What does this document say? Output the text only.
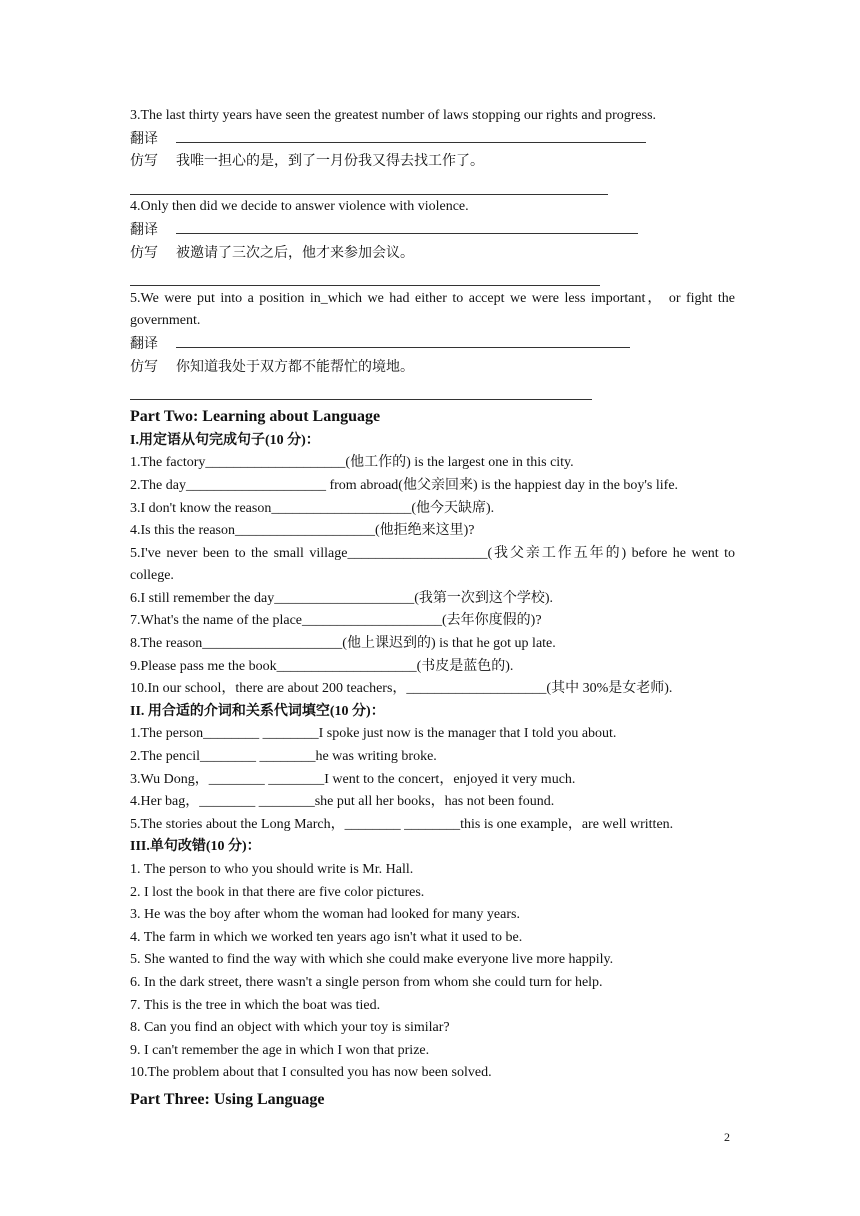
3.The last thirty years have seen the greatest number of laws stopping our rights and progress.
翻译
仿写	我唯一担心的是，到了一月份我又得去找工作了。
4.Only then did we decide to answer violence with violence.
翻译
仿写	被邀请了三次之后，他才来参加会议。
5.We were put into a position in_which we had either to accept we were less important， or fight the government.
翻译
仿写	你知道我处于双方都不能帮忙的境地。
Part Two: Learning about Language
I.用定语从句完成句子(10 分)：
1.The factory____________________(他工作的) is the largest one in this city.
2.The day____________________ from abroad(他父亲回来) is the happiest day in the boy's life.
3.I don't know the reason____________________(他今天缺席).
4.Is this the reason____________________(他拒绝来这里)?
5.I've never been to the small village____________________(我父亲工作五年的) before he went to college.
6.I still remember the day____________________(我第一次到这个学校).
7.What's the name of the place____________________(去年你度假的)?
8.The reason____________________(他上课迟到的) is that he got up late.
9.Please pass me the book____________________(书皮是蓝色的).
10.In our school，there are about 200 teachers，____________________(其中 30%是女老师).
II. 用合适的介词和关系代词填空(10 分)：
1.The person________ ________I spoke just now is the manager that I told you about.
2.The pencil________ ________he was writing broke.
3.Wu Dong，________ ________I went to the concert，enjoyed it very much.
4.Her bag，________ ________she put all her books，has not been found.
5.The stories about the Long March，________ ________this is one example，are well written.
III.单句改错(10 分)：
1. The person to who you should write is Mr. Hall.
2. I lost the book in that there are five color pictures.
3. He was the boy after whom the woman had looked for many years.
4. The farm in which we worked ten years ago isn't what it used to be.
5. She wanted to find the way with which she could make everyone live more happily.
6. In the dark street, there wasn't a single person from whom she could turn for help.
7. This is the tree in which the boat was tied.
8. Can you find an object with which your toy is similar?
9. I can't remember the age in which I won that prize.
10.The problem about that I consulted you has now been solved.
Part Three: Using Language
2
